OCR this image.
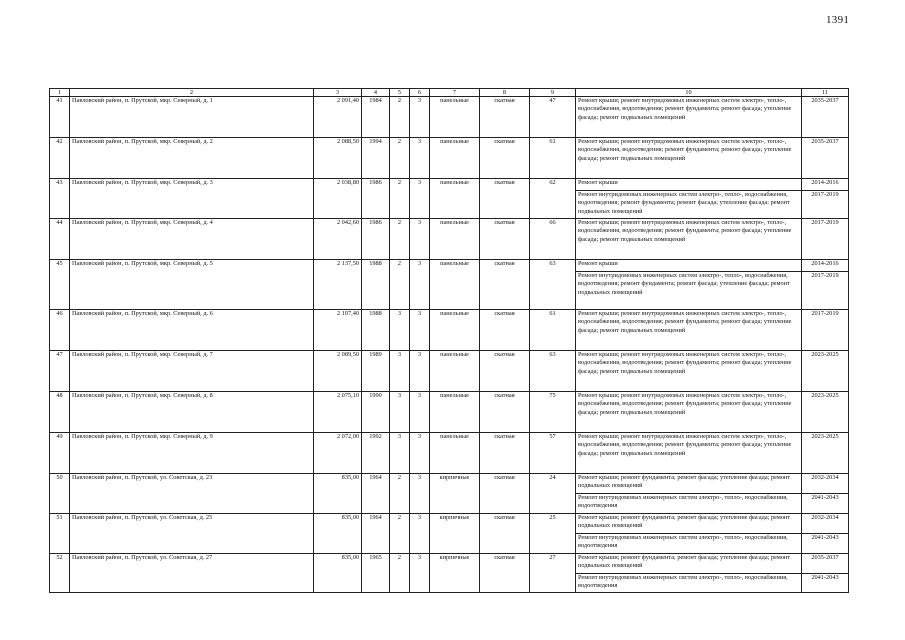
1391
1	2	3	4	5	6	7	8	9	10	11
41	Павловский район, п. Прутской, мкр. Северный, д. 1	2 091,40	1984	2	3	панельные	скатная	47	Ремонт крыши; ремонт внутридомовых инженерных систем электро-, тепло-, водоснабжения, водоотведения; ремонт фундамента; ремонт фасада; утепление фасада; ремонт подвальных помещений	2035-2037
42	Павловский район, п. Прутской, мкр. Северный, д. 2	2 088,50	1994	2	3	панельные	скатная	61	Ремонт крыши; ремонт внутридомовых инженерных систем электро-, тепло-, водоснабжения, водоотведения; ремонт фундамента; ремонт фасада; утепление фасада; ремонт подвальных помещений	2035-2037
43	Павловский район, п. Прутской, мкр. Северный, д. 3	2 038,80	1986	2	3	панельные	скатная	62	Ремонт крыши	2014-2016
									Ремонт внутридомовых инженерных систем электро-, тепло-, водоснабжения, водоотведения; ремонт фундамента; ремонт фасада; утепление фасада; ремонт подвальных помещений	2017-2019
44	Павловский район, п. Прутской, мкр. Северный, д. 4	2 042,60	1986	2	3	панельные	скатная	66	Ремонт крыши; ремонт внутридомовых инженерных систем электро-, тепло-, водоснабжения, водоотведения; ремонт фундамента; ремонт фасада; утепление фасада; ремонт подвальных помещений	2017-2019
45	Павловский район, п. Прутской, мкр. Северный, д. 5	2 137,50	1988	2	3	панельные	скатная	63	Ремонт крыши	2014-2016
									Ремонт внутридомовых инженерных систем электро-, тепло-, водоснабжения, водоотведения; ремонт фундамента; ремонт фасада; утепление фасада; ремонт подвальных помещений	2017-2019
46	Павловский район, п. Прутской, мкр. Северный, д. 6	2 107,40	1988	3	3	панельные	скатная	61	Ремонт крыши; ремонт внутридомовых инженерных систем электро-, тепло-, водоснабжения, водоотведения; ремонт фундамента; ремонт фасада; утепление фасада; ремонт подвальных помещений	2017-2019
47	Павловский район, п. Прутской, мкр. Северный, д. 7	2 089,50	1989	3	3	панельные	скатная	63	Ремонт крыши; ремонт внутридомовых инженерных систем электро-, тепло-, водоснабжения, водоотведения; ремонт фундамента; ремонт фасада; утепление фасада; ремонт подвальных помещений	2023-2025
48	Павловский район, п. Прутской, мкр. Северный, д. 8	2 075,10	1990	3	3	панельные	скатная	75	Ремонт крыши; ремонт внутридомовых инженерных систем электро-, тепло-, водоснабжения, водоотведения; ремонт фундамента; ремонт фасада; утепление фасада; ремонт подвальных помещений	2023-2025
49	Павловский район, п. Прутской, мкр. Северный, д. 9	2 072,00	1992	3	3	панельные	скатная	57	Ремонт крыши; ремонт внутридомовых инженерных систем электро-, тепло-, водоснабжения, водоотведения; ремонт фундамента; ремонт фасада; утепление фасада; ремонт подвальных помещений	2023-2025
50	Павловский район, п. Прутской, ул. Советская, д. 23	835,00	1964	2	3	кирпичные	скатная	24	Ремонт крыши; ремонт фундамента; ремонт фасада; утепление фасада; ремонт подвальных помещений	2032-2034
									Ремонт внутридомовых инженерных систем электро-, тепло-, водоснабжения, водоотведения	2041-2043
51	Павловский район, п. Прутской, ул. Советская, д. 25	835,00	1964	2	3	кирпичные	скатная	25	Ремонт крыши; ремонт фундамента; ремонт фасада; утепление фасада; ремонт подвальных помещений	2032-2034
									Ремонт внутридомовых инженерных систем электро-, тепло-, водоснабжения, водоотведения	2041-2043
52	Павловский район, п. Прутской, ул. Советская, д. 27	835,00	1965	2	3	кирпичные	скатная	27	Ремонт крыши; ремонт фундамента; ремонт фасада; утепление фасада; ремонт подвальных помещений	2035-2037
									Ремонт внутридомовых инженерных систем электро-, тепло-, водоснабжения, водоотведения	2041-2043
